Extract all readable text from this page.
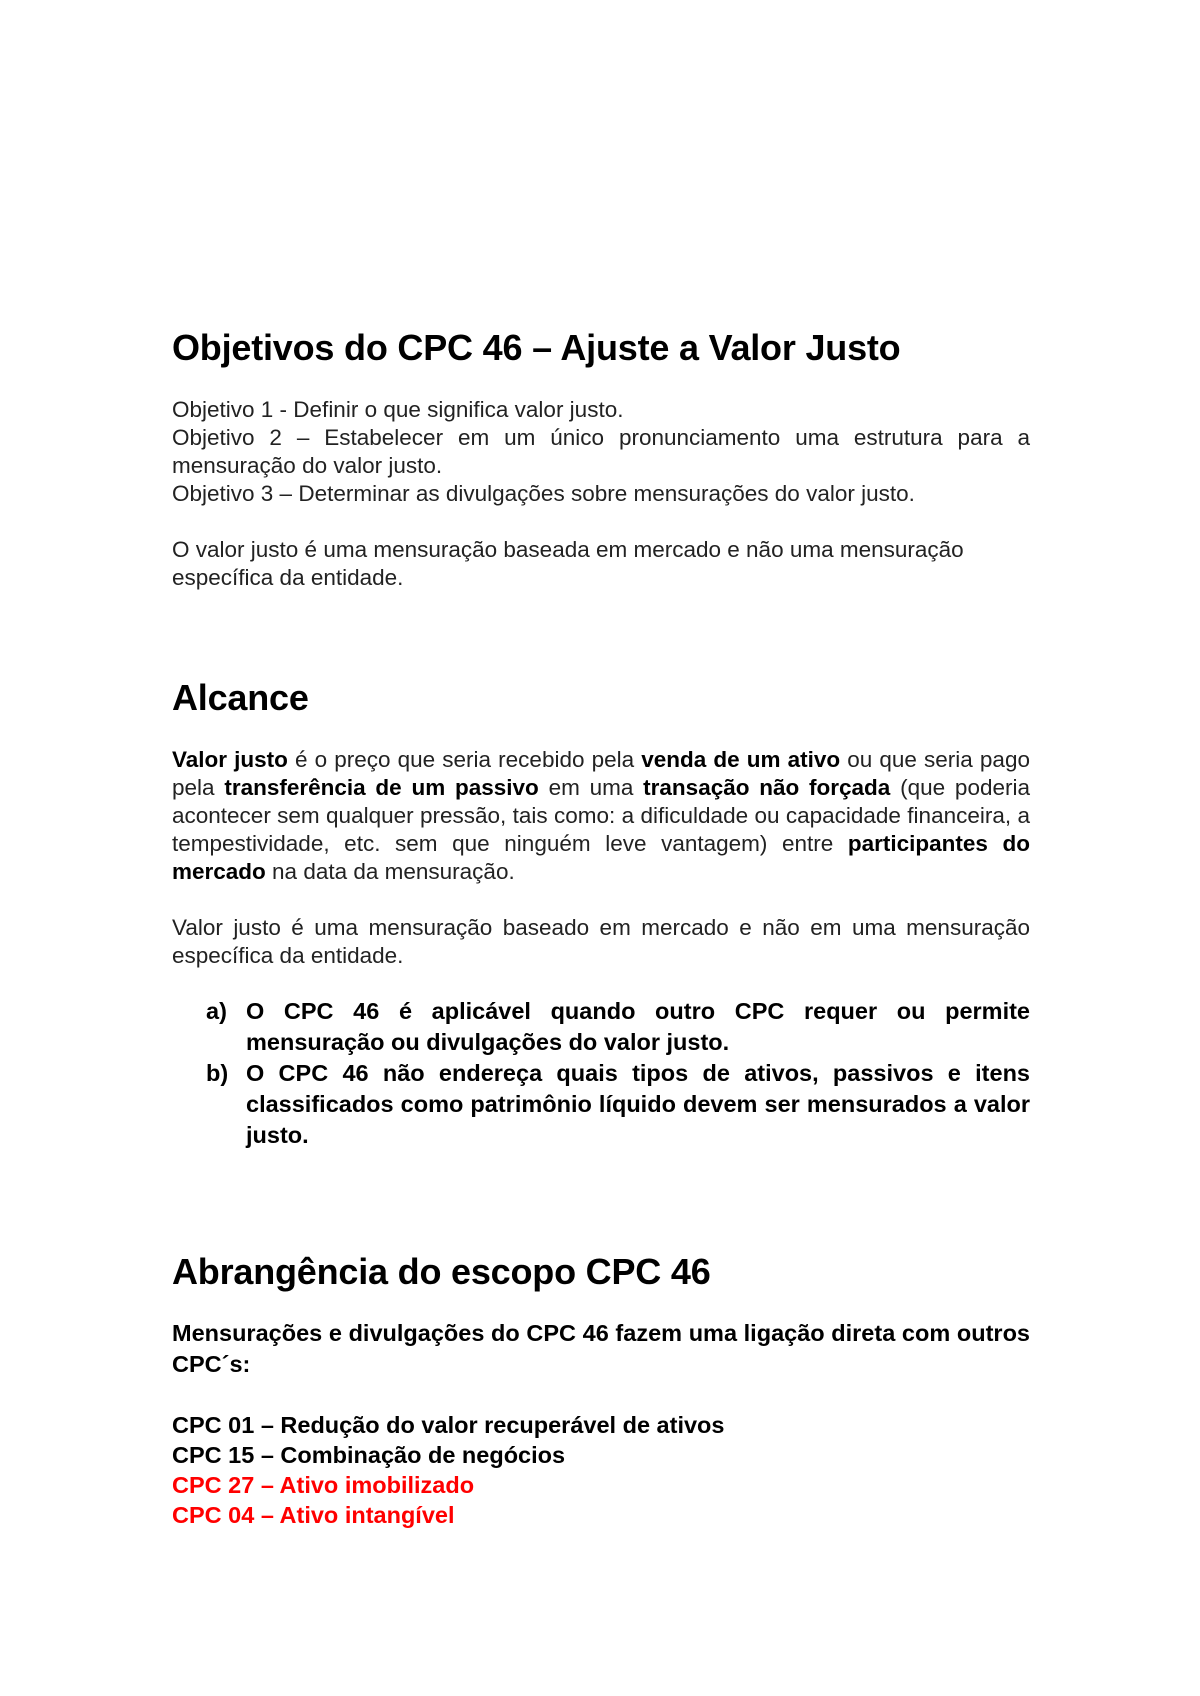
Objetivos do CPC 46 – Ajuste a Valor Justo

Objetivo 1 - Definir o que significa valor justo.

Objetivo 2 – Estabelecer em um único pronunciamento uma estrutura para a mensuração do valor justo.

Objetivo 3 – Determinar as divulgações sobre mensurações do valor justo.

O valor justo é uma mensuração baseada em mercado e não uma mensuração específica da entidade.

Alcance

Valor justo é o preço que seria recebido pela venda de um ativo ou que seria pago pela transferência de um passivo em uma transação não forçada (que poderia acontecer sem qualquer pressão, tais como: a dificuldade ou capacidade financeira, a tempestividade, etc. sem que ninguém leve vantagem) entre participantes do mercado na data da mensuração.

Valor justo é uma mensuração baseado em mercado e não em uma mensuração específica da entidade.

a) O CPC 46 é aplicável quando outro CPC requer ou permite mensuração ou divulgações do valor justo.
b) O CPC 46 não endereça quais tipos de ativos, passivos e itens classificados como patrimônio líquido devem ser mensurados a valor justo.
Abrangência do escopo CPC 46

Mensurações e divulgações do CPC 46 fazem uma ligação direta com outros CPC´s:

CPC 01 – Redução do valor recuperável de ativos
CPC 15 – Combinação de negócios
CPC 27 – Ativo imobilizado
CPC 04 – Ativo intangível
